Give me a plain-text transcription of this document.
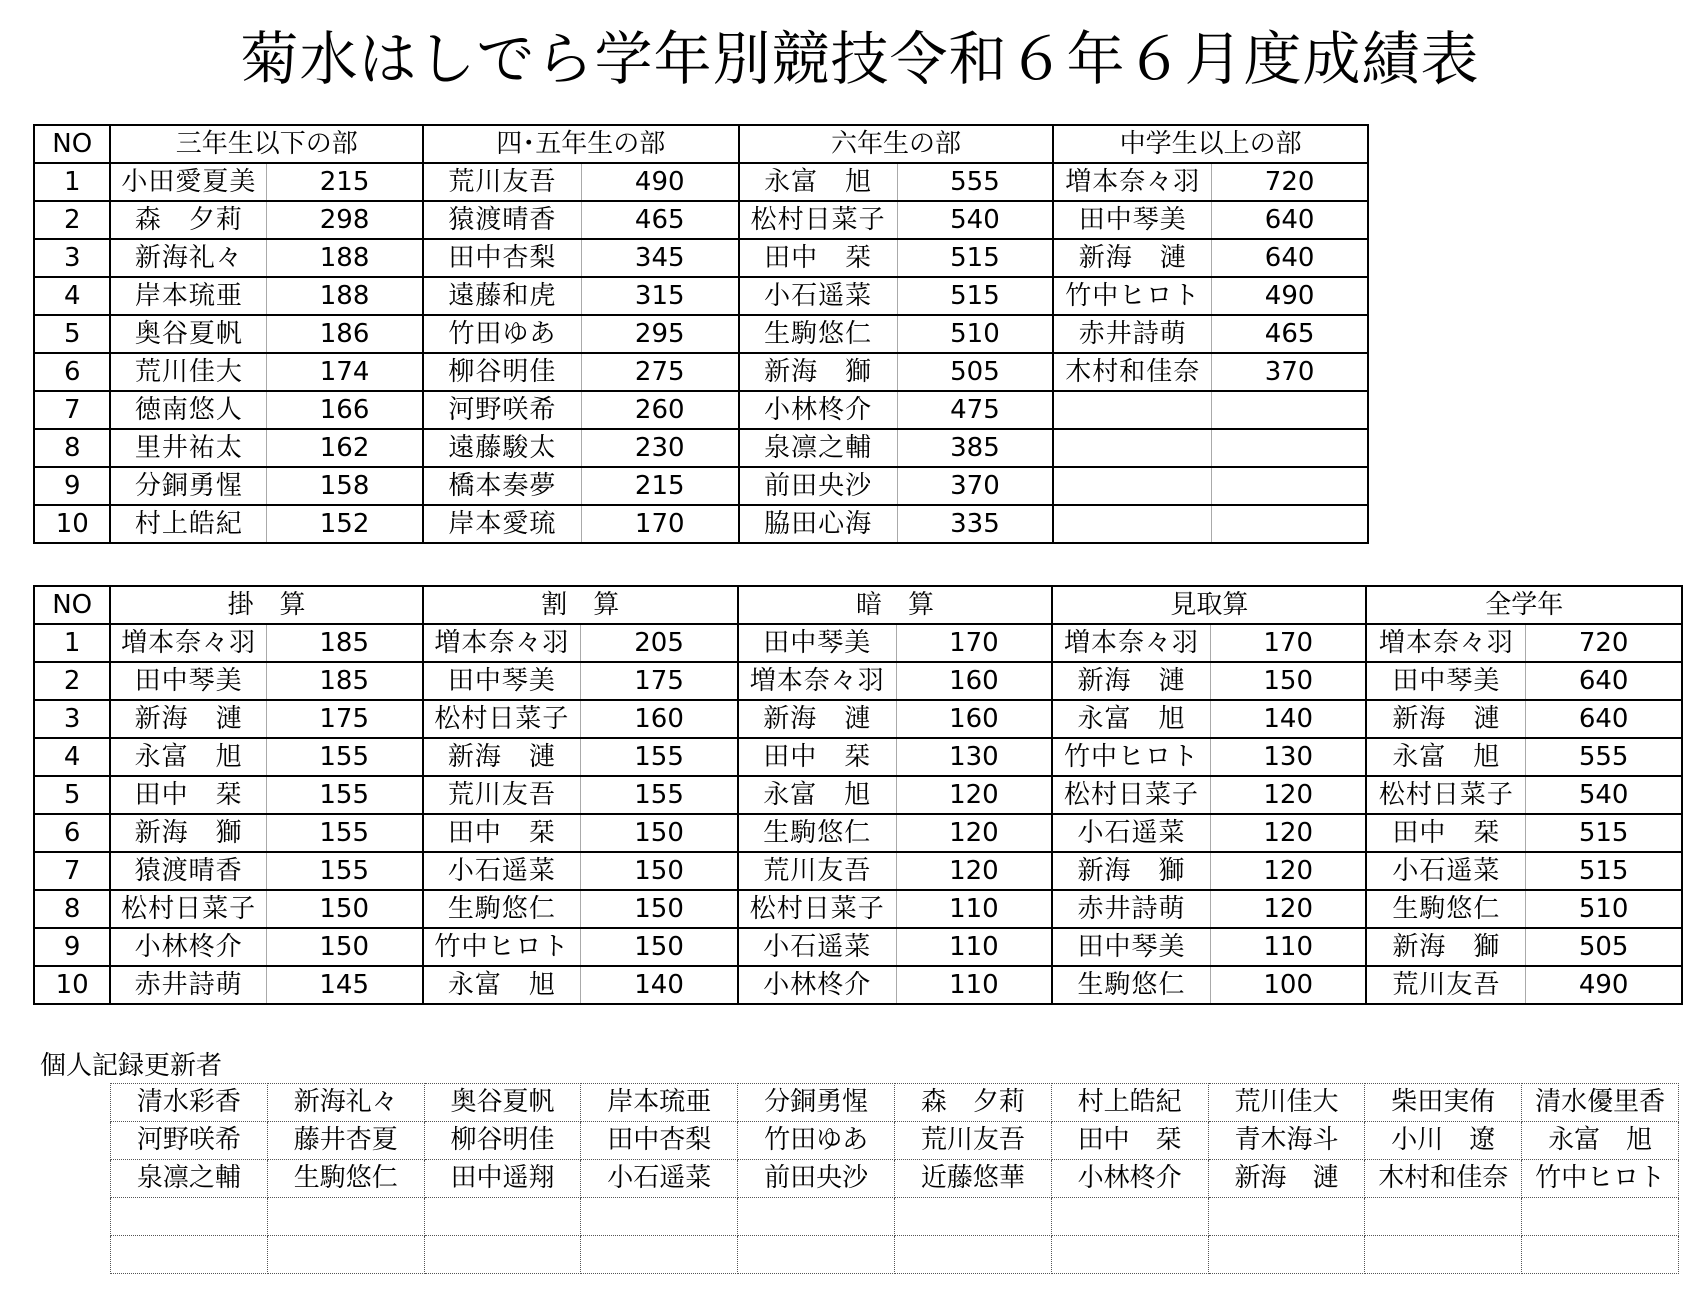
菊水はしでら学年別競技令和６年６月度成績表
NO	三年生以下の部		四･五年生の部		六年生の部		中学生以上の部	
1	小田愛夏美	215	荒川友吾	490	永富　旭	555	増本奈々羽	720
2	森　夕莉	298	猿渡晴香	465	松村日菜子	540	田中琴美	640
3	新海礼々	188	田中杏梨	345	田中　栞	515	新海　漣	640
4	岸本琉亜	188	遠藤和虎	315	小石遥菜	515	竹中ヒロト	490
5	奥谷夏帆	186	竹田ゆあ	295	生駒悠仁	510	赤井詩萌	465
6	荒川佳大	174	柳谷明佳	275	新海　獅	505	木村和佳奈	370
7	徳南悠人	166	河野咲希	260	小林柊介	475		
8	里井祐太	162	遠藤駿太	230	泉凛之輔	385		
9	分銅勇惺	158	橋本奏夢	215	前田央沙	370		
10	村上皓紀	152	岸本愛琉	170	脇田心海	335		
NO	掛　算		割　算		暗　算		見取算		全学年	
1	増本奈々羽	185	増本奈々羽	205	田中琴美	170	増本奈々羽	170	増本奈々羽	720
2	田中琴美	185	田中琴美	175	増本奈々羽	160	新海　漣	150	田中琴美	640
3	新海　漣	175	松村日菜子	160	新海　漣	160	永富　旭	140	新海　漣	640
4	永富　旭	155	新海　漣	155	田中　栞	130	竹中ヒロト	130	永富　旭	555
5	田中　栞	155	荒川友吾	155	永富　旭	120	松村日菜子	120	松村日菜子	540
6	新海　獅	155	田中　栞	150	生駒悠仁	120	小石遥菜	120	田中　栞	515
7	猿渡晴香	155	小石遥菜	150	荒川友吾	120	新海　獅	120	小石遥菜	515
8	松村日菜子	150	生駒悠仁	150	松村日菜子	110	赤井詩萌	120	生駒悠仁	510
9	小林柊介	150	竹中ヒロト	150	小石遥菜	110	田中琴美	110	新海　獅	505
10	赤井詩萌	145	永富　旭	140	小林柊介	110	生駒悠仁	100	荒川友吾	490
個人記録更新者
清水彩香	新海礼々	奥谷夏帆	岸本琉亜	分銅勇惺	森　夕莉	村上皓紀	荒川佳大	柴田実侑	清水優里香
河野咲希	藤井杏夏	柳谷明佳	田中杏梨	竹田ゆあ	荒川友吾	田中　栞	青木海斗	小川　遼	永富　旭
泉凛之輔	生駒悠仁	田中遥翔	小石遥菜	前田央沙	近藤悠華	小林柊介	新海　漣	木村和佳奈	竹中ヒロト
